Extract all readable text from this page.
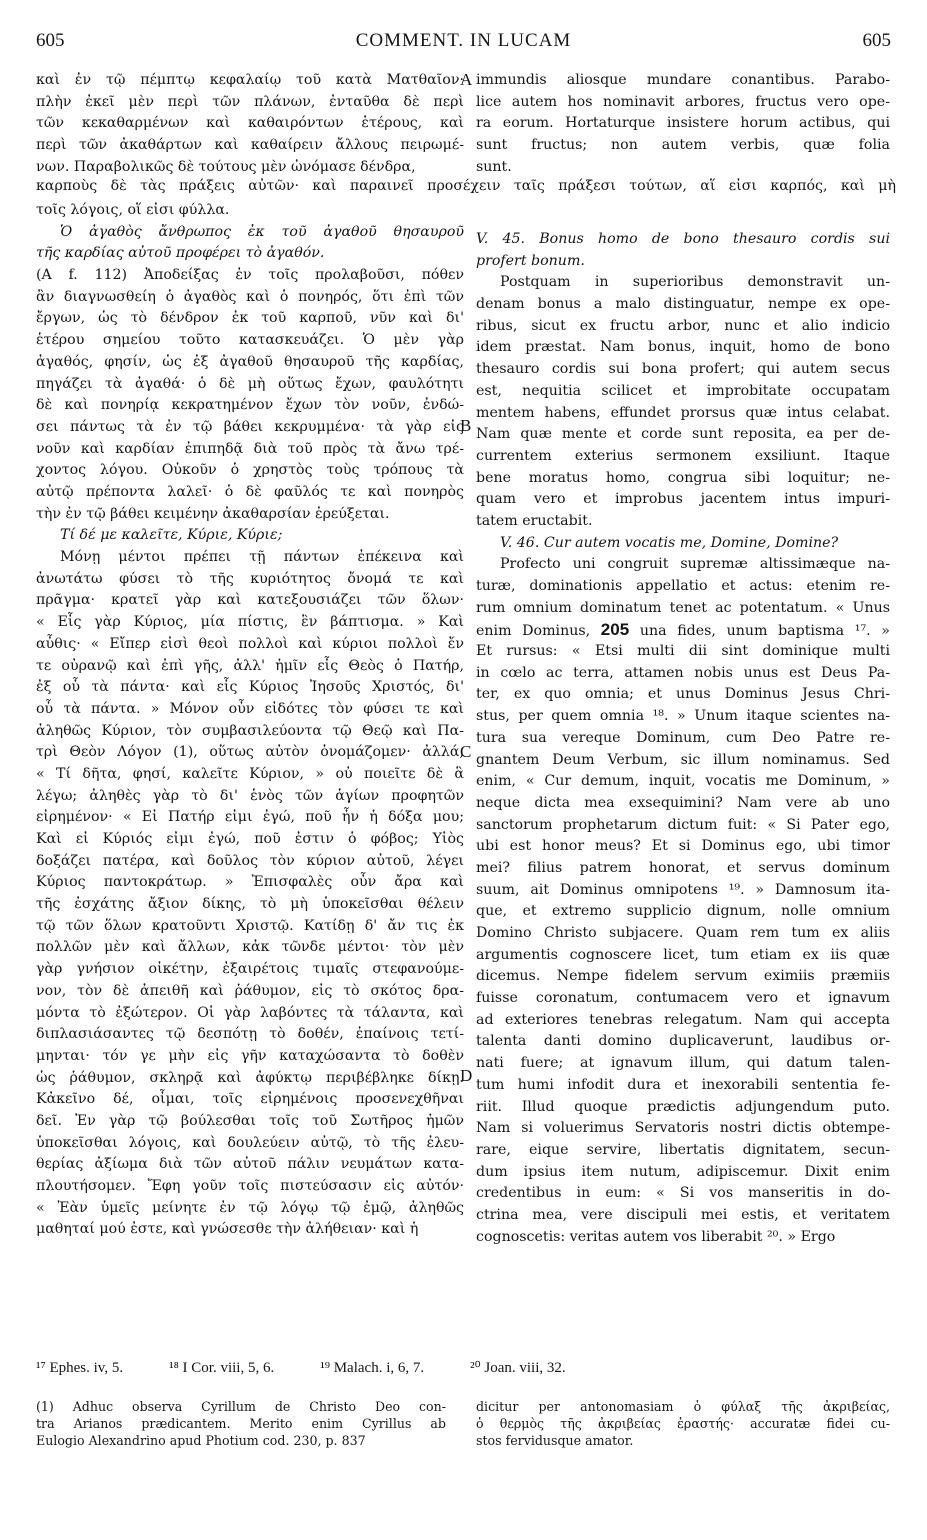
605	COMMENT. IN LUCAM	605
καὶ ἐν τῷ πέμπτῳ κεφαλαίῳ τοῦ κατὰ Ματθαῖον·
πλὴν ἐκεῖ μὲν περὶ τῶν πλάνων, ἐνταῦθα δὲ περὶ
τῶν κεκαθαρμένων καὶ καθαιρόντων ἑτέρους, καὶ
περὶ τῶν ἀκαθάρτων καὶ καθαίρειν ἄλλους πειρωμέ-
νων. Παραβολικῶς δὲ τούτους μὲν ὠνόμασε δένδρα,
immundis aliosque mundare conantibus. Parabo-
lice autem hos nominavit arbores, fructus vero ope-
ra eorum. Hortaturque insistere horum actibus, qui
sunt fructus; non autem verbis, quæ folia
sunt.
καρποὺς δὲ τὰς πράξεις αὐτῶν· καὶ παραινεῖ προσέχειν ταῖς πράξεσι τούτων, αἵ εἰσι καρπός, καὶ μὴ
τοῖς λόγοις, οἵ εἰσι φύλλα.
Ὁ ἀγαθὸς ἄνθρωπος ἐκ τοῦ ἀγαθοῦ θησαυροῦ
τῆς καρδίας αὐτοῦ προφέρει τὸ ἀγαθόν.
(A f. 112) Ἀποδείξας ἐν τοῖς προλαβοῦσι, πόθεν
ἂν διαγνωσθείη ὁ ἀγαθὸς καὶ ὁ πονηρός, ὅτι ἐπὶ τῶν
ἔργων, ὡς τὸ δένδρον ἐκ τοῦ καρποῦ, νῦν καὶ δι'
ἑτέρου σημείου τοῦτο κατασκευάζει. Ὁ μὲν γὰρ
ἀγαθός, φησίν, ὡς ἐξ ἀγαθοῦ θησαυροῦ τῆς καρδίας,
πηγάζει τὰ ἀγαθά· ὁ δὲ μὴ οὕτως ἔχων, φαυλότητι
δὲ καὶ πονηρίᾳ κεκρατημένον ἔχων τὸν νοῦν, ἐνδώ-
σει πάντως τὰ ἐν τῷ βάθει κεκρυμμένα· τὰ γὰρ εἰς
νοῦν καὶ καρδίαν ἐπιπηδᾷ διὰ τοῦ πρὸς τὰ ἄνω τρέ-
χοντος λόγου. Οὐκοῦν ὁ χρηστὸς τοὺς τρόπους τὰ
αὐτῷ πρέποντα λαλεῖ· ὁ δὲ φαῦλός τε καὶ πονηρὸς
τὴν ἐν τῷ βάθει κειμένην ἀκαθαρσίαν ἐρεύξεται.
Τί δέ με καλεῖτε, Κύριε, Κύριε;
Μόνῃ μέντοι πρέπει τῇ πάντων ἐπέκεινα καὶ
ἀνωτάτω φύσει τὸ τῆς κυριότητος ὄνομά τε καὶ
πρᾶγμα· κρατεῖ γὰρ καὶ κατεξουσιάζει τῶν ὅλων·
« Εἷς γὰρ Κύριος, μία πίστις, ἓν βάπτισμα. » Καὶ
αὖθις· « Εἴπερ εἰσὶ θεοὶ πολλοὶ καὶ κύριοι πολλοὶ ἔν
τε οὐρανῷ καὶ ἐπὶ γῆς, ἀλλ' ἡμῖν εἷς Θεὸς ὁ Πατήρ,
ἐξ οὗ τὰ πάντα· καὶ εἷς Κύριος Ἰησοῦς Χριστός, δι'
οὗ τὰ πάντα. » Μόνον οὖν εἰδότες τὸν φύσει τε καὶ
ἀληθῶς Κύριον, τὸν συμβασιλεύοντα τῷ Θεῷ καὶ Πα-
τρὶ Θεὸν Λόγον (1), οὕτως αὐτὸν ὀνομάζομεν· ἀλλά,
« Τί δῆτα, φησί, καλεῖτε Κύριον, » οὐ ποιεῖτε δὲ ἃ
λέγω; ἀληθὲς γὰρ τὸ δι' ἑνὸς τῶν ἁγίων προφητῶν
εἰρημένον· « Εἰ Πατήρ εἰμι ἐγώ, ποῦ ἦν ἡ δόξα μου;
Καὶ εἰ Κύριός εἰμι ἐγώ, ποῦ ἐστιν ὁ φόβος; Υἱὸς
δοξάζει πατέρα, καὶ δοῦλος τὸν κύριον αὐτοῦ, λέγει
Κύριος παντοκράτωρ. » Ἐπισφαλὲς οὖν ἄρα καὶ
τῆς ἐσχάτης ἄξιον δίκης, τὸ μὴ ὑποκεῖσθαι θέλειν
τῷ τῶν ὅλων κρατοῦντι Χριστῷ. Κατίδῃ δ' ἄν τις ἐκ
πολλῶν μὲν καὶ ἄλλων, κἀκ τῶνδε μέντοι· τὸν μὲν
γὰρ γνήσιον οἰκέτην, ἐξαιρέτοις τιμαῖς στεφανούμε-
νον, τὸν δὲ ἀπειθῆ καὶ ῥάθυμον, εἰς τὸ σκότος δρα-
μόντα τὸ ἐξώτερον. Οἱ γὰρ λαβόντες τὰ τάλαντα, καὶ
διπλασιάσαντες τῷ δεσπότῃ τὸ δοθέν, ἐπαίνοις τετί-
μηνται· τόν γε μὴν εἰς γῆν καταχώσαντα τὸ δοθὲν
ὡς ῥάθυμον, σκληρᾷ καὶ ἀφύκτῳ περιβέβληκε δίκῃ.
Κἀκεῖνο δέ, οἶμαι, τοῖς εἰρημένοις προσενεχθῆναι
δεῖ. Ἐν γὰρ τῷ βούλεσθαι τοῖς τοῦ Σωτῆρος ἡμῶν
ὑποκεῖσθαι λόγοις, καὶ δουλεύειν αὐτῷ, τὸ τῆς ἐλευ-
θερίας ἀξίωμα διὰ τῶν αὐτοῦ πάλιν νευμάτων κατα-
πλουτήσομεν. Ἔφη γοῦν τοῖς πιστεύσασιν εἰς αὐτόν·
« Ἐὰν ὑμεῖς μείνητε ἐν τῷ λόγῳ τῷ ἐμῷ, ἀληθῶς
μαθηταί μού ἐστε, καὶ γνώσεσθε τὴν ἀλήθειαν· καὶ ἡ
V. 45. Bonus homo de bono thesauro cordis sui
profert bonum.
Postquam in superioribus demonstravit un-
denam bonus a malo distinguatur, nempe ex ope-
ribus, sicut ex fructu arbor, nunc et alio indicio
idem præstat. Nam bonus, inquit, homo de bono
thesauro cordis sui bona profert; qui autem secus
est, nequitia scilicet et improbitate occupatam
mentem habens, effundet prorsus quæ intus celabat.
Nam quæ mente et corde sunt reposita, ea per de-
currentem exterius sermonem exsiliunt. Itaque
bene moratus homo, congrua sibi loquitur; ne-
quam vero et improbus jacentem intus impuri-
tatem eructabit.
V. 46. Cur autem vocatis me, Domine, Domine?
Profecto uni congruit supremæ altissimæque na-
turæ, dominationis appellatio et actus: etenim re-
rum omnium dominatum tenet ac potentatum. « Unus
enim Dominus, 205 una fides, unum baptisma ¹⁷. »
Et rursus: « Etsi multi dii sint dominique multi
in cœlo ac terra, attamen nobis unus est Deus Pa-
ter, ex quo omnia; et unus Dominus Jesus Chri-
stus, per quem omnia ¹⁸. » Unum itaque scientes na-
tura sua vereque Dominum, cum Deo Patre re-
gnantem Deum Verbum, sic illum nominamus. Sed
enim, « Cur demum, inquit, vocatis me Dominum, »
neque dicta mea exsequimini? Nam vere ab uno
sanctorum prophetarum dictum fuit: « Si Pater ego,
ubi est honor meus? Et si Dominus ego, ubi timor
mei? filius patrem honorat, et servus dominum
suum, ait Dominus omnipotens ¹⁹. » Damnosum ita-
que, et extremo supplicio dignum, nolle omnium
Domino Christo subjacere. Quam rem tum ex aliis
argumentis cognoscere licet, tum etiam ex iis quæ
dicemus. Nempe fidelem servum eximiis præmiis
fuisse coronatum, contumacem vero et ignavum
ad exteriores tenebras relegatum. Nam qui accepta
talenta danti domino duplicaverunt, laudibus or-
nati fuere; at ignavum illum, qui datum talen-
tum humi infodit dura et inexorabili sententia fe-
riit. Illud quoque prædictis adjungendum puto.
Nam si voluerimus Servatoris nostri dictis obtempe-
rare, eique servire, libertatis dignitatem, secun-
dum ipsius item nutum, adipiscemur. Dixit enim
credentibus in eum: « Si vos manseritis in do-
ctrina mea, vere discipuli mei estis, et veritatem
cognoscetis: veritas autem vos liberabit ²⁰. » Ergo
A
B
C
D
¹⁷ Ephes. iv, 5.	¹⁸ I Cor. viii, 5, 6.	¹⁹ Malach. i, 6, 7.	²⁰ Joan. viii, 32.
(1) Adhuc observa Cyrillum de Christo Deo con-
tra Arianos prædicantem. Merito enim Cyrillus ab
Eulogio Alexandrino apud Photium cod. 230, p. 837
dicitur per antonomasiam ὁ φύλαξ τῆς ἀκριβείας,
ὁ θερμὸς τῆς ἀκριβείας ἐραστής· accuratæ fidei cu-
stos fervidusque amator.
